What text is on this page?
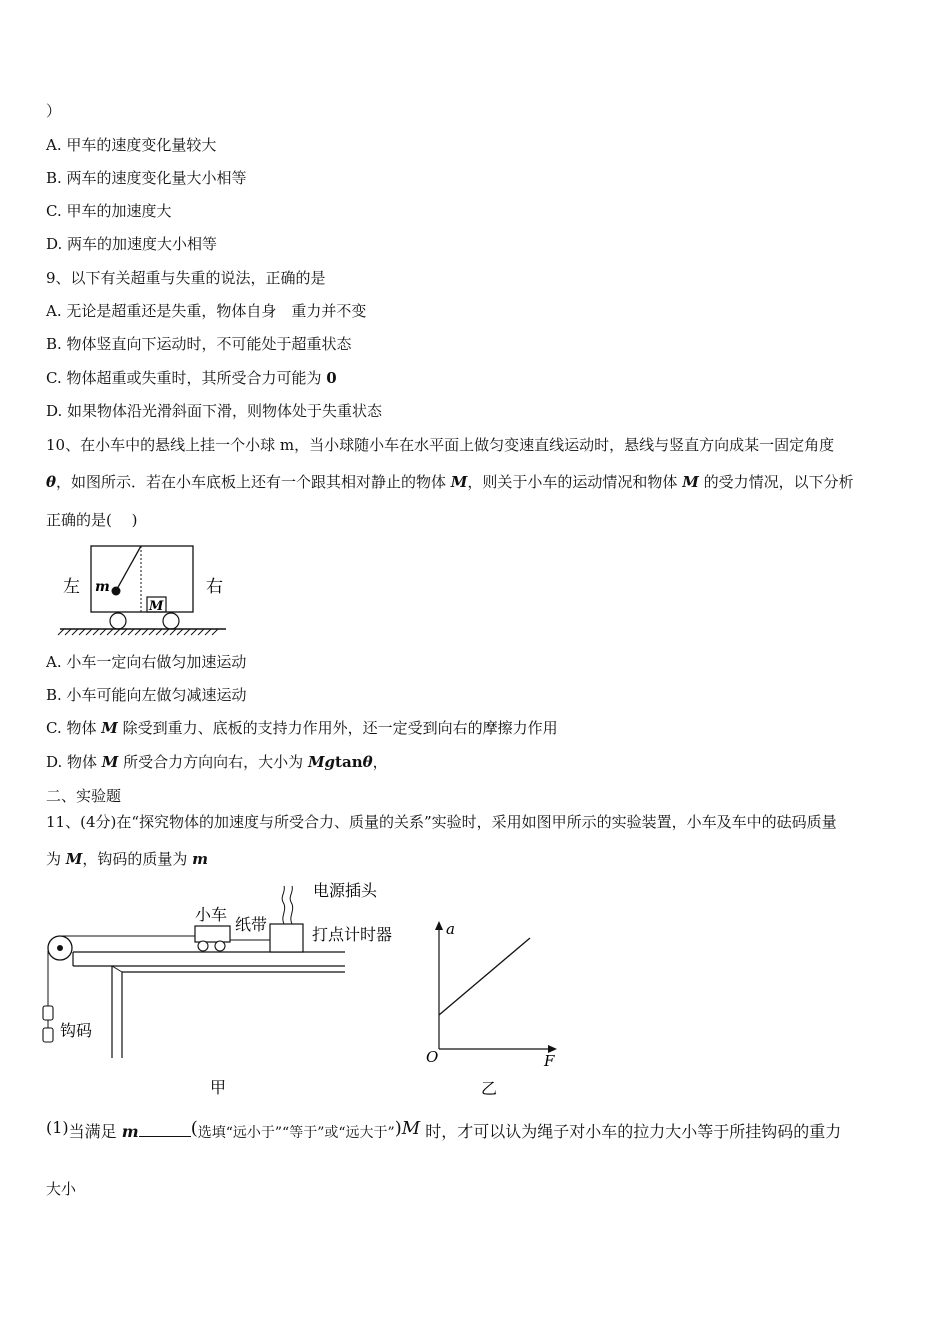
）
A. 甲车的速度变化量较大
B. 两车的速度变化量大小相等
C. 甲车的加速度大
D. 两车的加速度大小相等
9、以下有关超重与失重的说法，正确的是
A. 无论是超重还是失重，物体自身　重力并不变
B. 物体竖直向下运动时，不可能处于超重状态
C. 物体超重或失重时，其所受合力可能为 0
D. 如果物体沿光滑斜面下滑，则物体处于失重状态
10、在小车中的悬线上挂一个小球 m，当小球随小车在水平面上做匀变速直线运动时，悬线与竖直方向成某一固定角度
θ，如图所示．若在小车底板上还有一个跟其相对静止的物体 M，则关于小车的运动情况和物体 M 的受力情况，以下分析
正确的是(　 )
左	右
m
M
A. 小车一定向右做匀加速运动
B. 小车可能向左做匀减速运动
C. 物体 M 除受到重力、底板的支持力作用外，还一定受到向右的摩擦力作用
D. 物体 M 所受合力方向向右，大小为 Mgtanθ，
二、实验题
11、(4分)在“探究物体的加速度与所受合力、质量的关系”实验时，采用如图甲所示的实验装置，小车及车中的砝码质量
为 M，钩码的质量为 m
电源插头
小车
纸带
打点计时器
钩码
甲
a
F
O
乙
(1)当满足 m	(选填“远小于”“等于”或“远大于”)M 时，才可以认为绳子对小车的拉力大小等于所挂钩码的重力
大小
